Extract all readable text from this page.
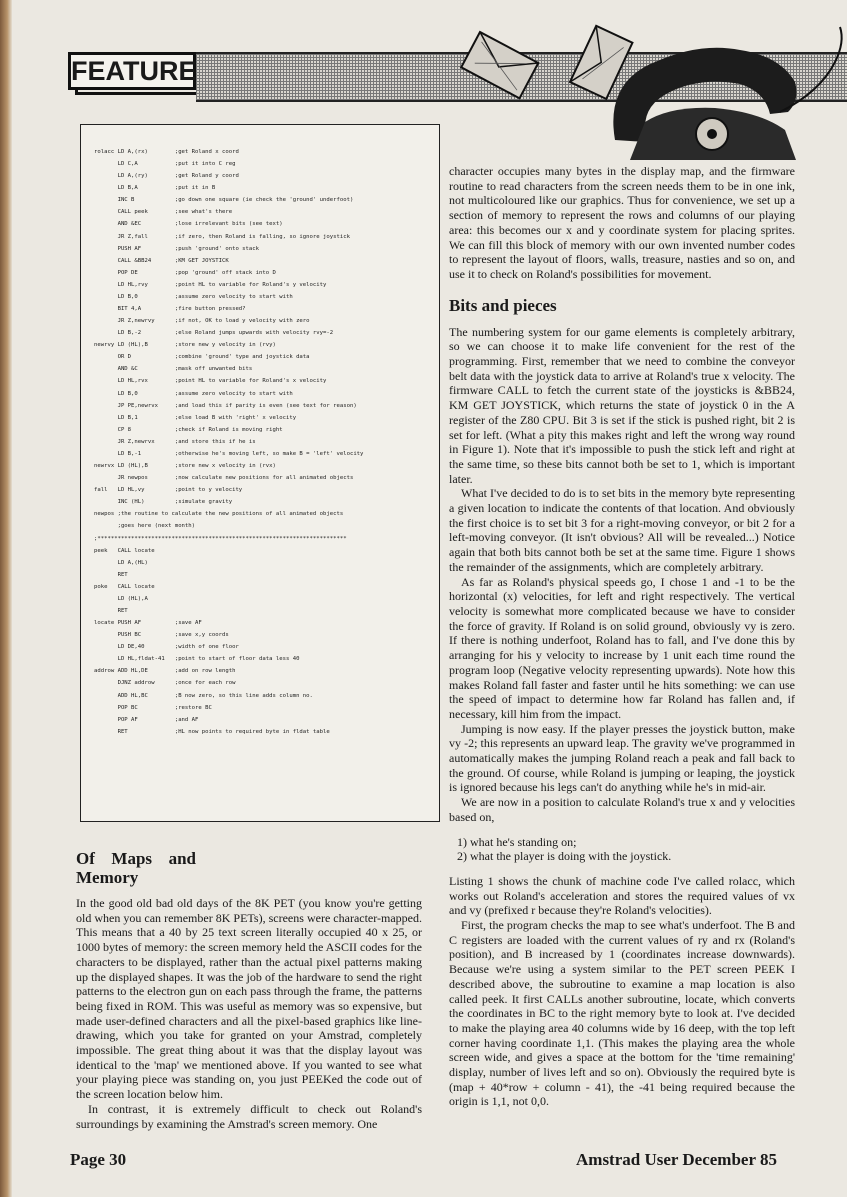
FEATURE
rolacc LD A,(rx)        ;get Roland x coord
LD C,A           ;put it into C reg
LD A,(ry)        ;get Roland y coord
LD B,A           ;put it in B
INC B            ;go down one square (ie check the 'ground' underfoot)
CALL peek        ;see what's there
AND &EC          ;lose irrelevant bits (see text)
JR Z,fall        ;if zero, then Roland is falling, so ignore joystick
PUSH AF          ;push 'ground' onto stack
CALL &BB24       ;KM GET JOYSTICK
POP DE           ;pop 'ground' off stack into D
LD HL,rvy        ;point HL to variable for Roland's y velocity
LD B,0           ;assume zero velocity to start with
BIT 4,A          ;fire button pressed?
JR Z,newrvy      ;if not, OK to load y velocity with zero
LD B,-2          ;else Roland jumps upwards with velocity rvy=-2
newrvy LD (HL),B        ;store new y velocity in (rvy)
OR D             ;combine 'ground' type and joystick data
AND &C           ;mask off unwanted bits
LD HL,rvx        ;point HL to variable for Roland's x velocity
LD B,0           ;assume zero velocity to start with
JP PE,newrvx     ;and load this if parity is even (see text for reason)
LD B,1           ;else load B with 'right' x velocity
CP 8             ;check if Roland is moving right
JR Z,newrvx      ;and store this if he is
LD B,-1          ;otherwise he's moving left, so make B = 'left' velocity
newrvx LD (HL),B        ;store new x velocity in (rvx)
JR newpos        ;now calculate new positions for all animated objects
fall   LD HL,vy         ;point to y velocity
INC (HL)         ;simulate gravity
newpos ;the routine to calculate the new positions of all animated objects
;goes here (next month)
;**************************************************************************
peek   CALL locate
LD A,(HL)
RET
poke   CALL locate
LD (HL),A
RET
locate PUSH AF          ;save AF
PUSH BC          ;save x,y coords
LD DE,40         ;width of one floor
LD HL,fldat-41   ;point to start of floor data less 40
addrow ADD HL,DE        ;add on row length
DJNZ addrow      ;once for each row
ADD HL,BC        ;B now zero, so this line adds column no.
POP BC           ;restore BC
POP AF           ;and AF
RET              ;HL now points to required byte in fldat table
Of Maps and Memory

In the good old bad old days of the 8K PET (you know you're getting old when you can remember 8K PETs), screens were character-mapped. This means that a 40 by 25 text screen literally occupied 40 x 25, or 1000 bytes of memory: the screen memory held the ASCII codes for the characters to be displayed, rather than the actual pixel patterns making up the displayed shapes. It was the job of the hardware to send the right patterns to the electron gun on each pass through the frame, the patterns being fixed in ROM. This was useful as memory was so expensive, but made user-defined characters and all the pixel-based graphics like line-drawing, which you take for granted on your Amstrad, completely impossible. The great thing about it was that the display layout was identical to the 'map' we mentioned above. If you wanted to see what your playing piece was standing on, you just PEEKed the code out of the screen location below him.

In contrast, it is extremely difficult to check out Roland's surroundings by examining the Amstrad's screen memory. One

character occupies many bytes in the display map, and the firmware routine to read characters from the screen needs them to be in one ink, not multicoloured like our graphics. Thus for convenience, we set up a section of memory to represent the rows and columns of our playing area: this becomes our x and y coordinate system for placing sprites. We can fill this block of memory with our own invented number codes to represent the layout of floors, walls, treasure, nasties and so on, and use it to check on Roland's possibilities for movement.

Bits and pieces

The numbering system for our game elements is completely arbitrary, so we can choose it to make life convenient for the rest of the programming. First, remember that we need to combine the conveyor belt data with the joystick data to arrive at Roland's true x velocity. The firmware CALL to fetch the current state of the joysticks is &BB24, KM GET JOYSTICK, which returns the state of joystick 0 in the A register of the Z80 CPU. Bit 3 is set if the stick is pushed right, bit 2 is set for left. (What a pity this makes right and left the wrong way round in Figure 1). Note that it's impossible to push the stick left and right at the same time, so these bits cannot both be set to 1, which is important later.

What I've decided to do is to set bits in the memory byte representing a given location to indicate the contents of that location. And obviously the first choice is to set bit 3 for a right-moving conveyor, or bit 2 for a left-moving conveyor. (It isn't obvious? All will be revealed...) Notice again that both bits cannot both be set at the same time. Figure 1 shows the remainder of the assignments, which are completely arbitrary.

As far as Roland's physical speeds go, I chose 1 and -1 to be the horizontal (x) velocities, for left and right respectively. The vertical velocity is somewhat more complicated because we have to consider the force of gravity. If Roland is on solid ground, obviously vy is zero. If there is nothing underfoot, Roland has to fall, and I've done this by arranging for his y velocity to increase by 1 unit each time round the program loop (Negative velocity representing upwards). Note how this makes Roland fall faster and faster until he hits something: we can use the speed of impact to determine how far Roland has fallen and, if necessary, kill him from the impact.

Jumping is now easy. If the player presses the joystick button, make vy -2; this represents an upward leap. The gravity we've programmed in automatically makes the jumping Roland reach a peak and fall back to the ground. Of course, while Roland is jumping or leaping, the joystick is ignored because his legs can't do anything while he's in mid-air.

We are now in a position to calculate Roland's true x and y velocities based on,

1) what he's standing on;
2) what the player is doing with the joystick.

Listing 1 shows the chunk of machine code I've called rolacc, which works out Roland's acceleration and stores the required values of vx and vy (prefixed r because they're Roland's velocities).

First, the program checks the map to see what's underfoot. The B and C registers are loaded with the current values of ry and rx (Roland's position), and B increased by 1 (coordinates increase downwards). Because we're using a system similar to the PET screen PEEK I described above, the subroutine to examine a map location is also called peek. It first CALLs another subroutine, locate, which converts the coordinates in BC to the right memory byte to look at. I've decided to make the playing area 40 columns wide by 16 deep, with the top left corner having coordinate 1,1. (This makes the playing area the whole screen wide, and gives a space at the bottom for the 'time remaining' display, number of lives left and so on). Obviously the required byte is (map + 40*row + column - 41), the -41 being required because the origin is 1,1, not 0,0.

Page 30	Amstrad User December 85
